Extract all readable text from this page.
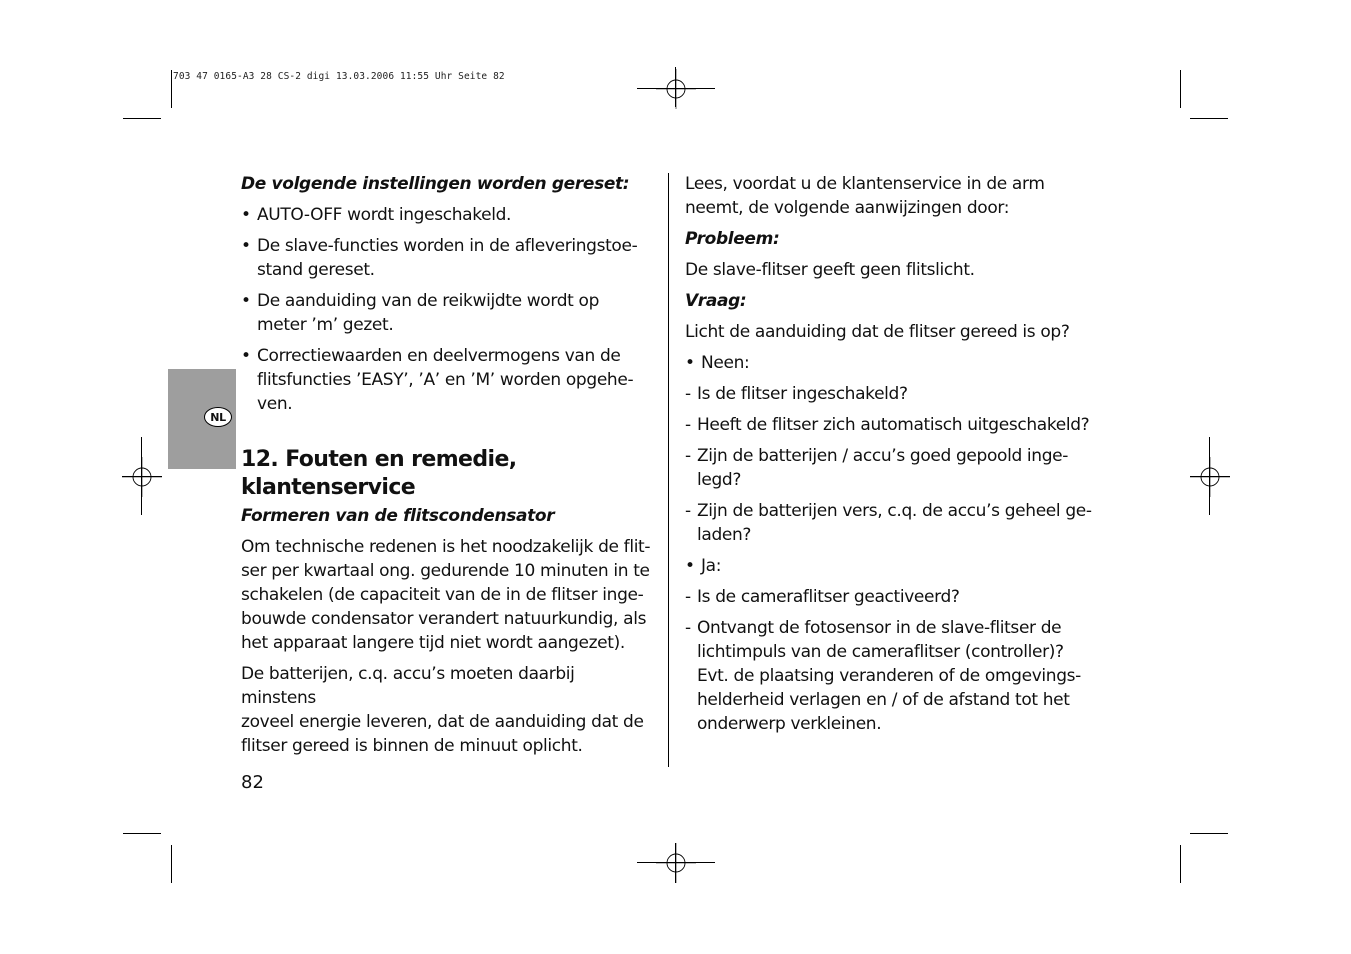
703 47 0165-A3 28 CS-2 digi 13.03.2006 11:55 Uhr Seite 82
NL

De volgende instellingen worden gereset:

• AUTO-OFF wordt ingeschakeld.

• De slave-functies worden in de afleveringstoe-
stand gereset.

• De aanduiding van de reikwijdte wordt op
meter ’m’ gezet.

• Correctiewaarden en deelvermogens van de
flitsfuncties ’EASY’, ’A’ en ’M’ worden opgehe-
ven.

12. Fouten en remedie, klantenservice

Formeren van de flitscondensator

Om technische redenen is het noodzakelijk de flit-
ser per kwartaal ong. gedurende 10 minuten in te
schakelen (de capaciteit van de in de flitser inge-
bouwde condensator verandert natuurkundig, als
het apparaat langere tijd niet wordt aangezet).

De batterijen, c.q. accu’s moeten daarbij minstens
zoveel energie leveren, dat de aanduiding dat de
flitser gereed is binnen de minuut oplicht.

Lees, voordat u de klantenservice in de arm
neemt, de volgende aanwijzingen door:

Probleem:

De slave-flitser geeft geen flitslicht.

Vraag:

Licht de aanduiding dat de flitser gereed is op?

• Neen:

- Is de flitser ingeschakeld?

- Heeft de flitser zich automatisch uitgeschakeld?

- Zijn de batterijen / accu’s goed gepoold inge-
legd?

- Zijn de batterijen vers, c.q. de accu’s geheel ge-
laden?

• Ja:

- Is de cameraflitser geactiveerd?

- Ontvangt de fotosensor in de slave-flitser de
lichtimpuls van de cameraflitser (controller)?
Evt. de plaatsing veranderen of de omgevings-
helderheid verlagen en / of de afstand tot het
onderwerp verkleinen.

82
